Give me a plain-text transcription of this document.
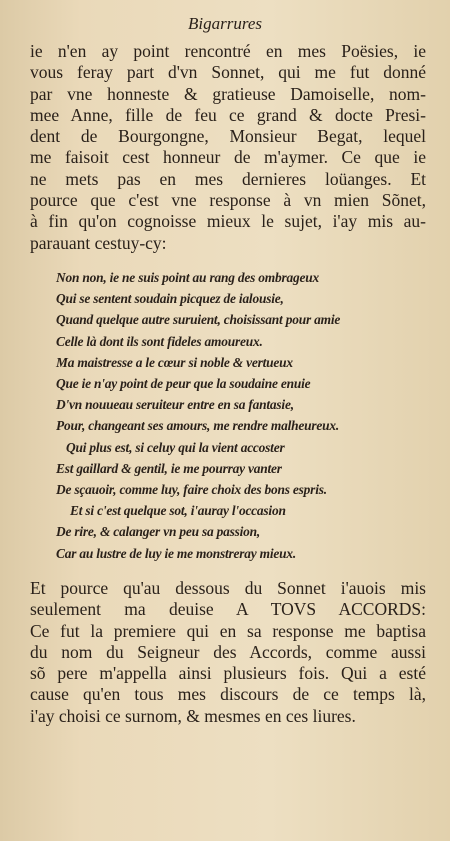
Bigarrures

ie n'en ay point rencontré en mes Poësies, ie

vous feray part d'vn Sonnet, qui me fut donné

par vne honneste & gratieuse Damoiselle, nom-

mee Anne, fille de feu ce grand & docte Presi-

dent de Bourgongne, Monsieur Begat, lequel

me faisoit cest honneur de m'aymer. Ce que ie

ne mets pas en mes dernieres loüanges. Et

pource que c'est vne response à vn mien Sõnet,

à fin qu'on cognoisse mieux le sujet, i'ay mis au-

parauant cestuy-cy:

Non non, ie ne suis point au rang des ombrageux

Qui se sentent soudain picquez de ialousie,

Quand quelque autre suruient, choisissant pour amie

Celle là dont ils sont fideles amoureux.

Ma maistresse a le cœur si noble & vertueux

Que ie n'ay point de peur que la soudaine enuie

D'vn nouueau seruiteur entre en sa fantasie,

Pour, changeant ses amours, me rendre malheureux.

Qui plus est, si celuy qui la vient accoster

Est gaillard & gentil, ie me pourray vanter

De sçauoir, comme luy, faire choix des bons espris.

Et si c'est quelque sot, i'auray l'occasion

De rire, & calanger vn peu sa passion,

Car au lustre de luy ie me monstreray mieux.

Et pource qu'au dessous du Sonnet i'auois mis

seulement ma deuise A TOVS ACCORDS:

Ce fut la premiere qui en sa response me baptisa

du nom du Seigneur des Accords, comme aussi

sõ pere m'appella ainsi plusieurs fois. Qui a esté

cause qu'en tous mes discours de ce temps là,

i'ay choisi ce surnom, & mesmes en ces liures.
